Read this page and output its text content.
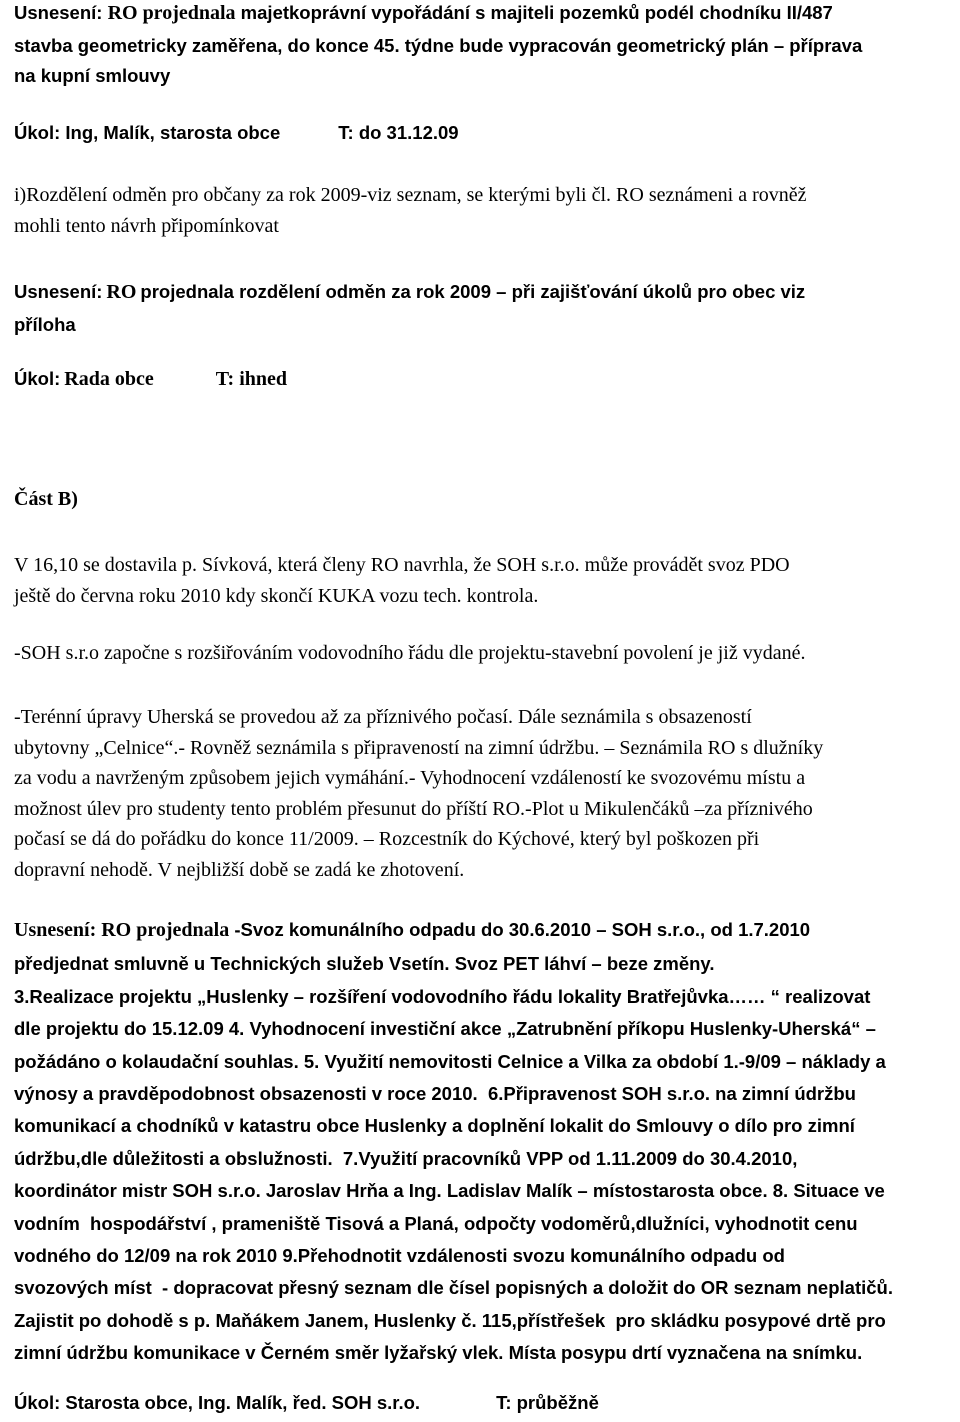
Usnesení: RO projednala majetkoprávní vypořádání s majiteli pozemků podél chodníku II/487

stavba geometricky zaměřena, do konce 45. týdne bude vypracován geometrický plán – příprava

na kupní smlouvy

Úkol: Ing, Malík, starosta obce	T: do 31.12.09

i)Rozdělení odměn pro občany za rok 2009-viz seznam, se kterými byli čl. RO seznámeni a rovněž

mohli tento návrh připomínkovat

Usnesení: RO projednala rozdělení odměn za rok 2009 – při zajišťování úkolů pro obec viz

příloha

Úkol: Rada obce	T: ihned

Část B)

V 16,10 se dostavila p. Sívková, která členy RO navrhla, že SOH s.r.o. může provádět svoz PDO

ještě do června roku 2010 kdy skončí KUKA vozu tech. kontrola.

-SOH s.r.o započne s rozšiřováním vodovodního řádu dle projektu-stavební povolení je již vydané.

-Terénní úpravy Uherská se provedou až za příznivého počasí. Dále seznámila s obsazeností

ubytovny „Celnice“.- Rovněž seznámila s připraveností na zimní údržbu. – Seznámila RO s dlužníky

za vodu a navrženým způsobem jejich vymáhání.- Vyhodnocení vzdáleností ke svozovému místu a

možnost úlev pro studenty tento problém přesunut do příští RO.-Plot u Mikulenčáků –za příznivého

počasí se dá do pořádku do konce 11/2009. – Rozcestník do Kýchové, který byl poškozen při

dopravní nehodě. V nejbližší době se zadá ke zhotovení.

Usnesení: RO projednala -Svoz komunálního odpadu do 30.6.2010 – SOH s.r.o., od 1.7.2010

předjednat smluvně u Technických služeb Vsetín. Svoz PET láhví – beze změny.

3.Realizace projektu „Huslenky – rozšíření vodovodního řádu lokality Bratřejůvka…… “ realizovat

dle projektu do 15.12.09 4. Vyhodnocení investiční akce „Zatrubnění příkopu Huslenky-Uherská“ –

požádáno o kolaudační souhlas. 5. Využití nemovitosti Celnice a Vilka za období 1.-9/09 – náklady a

výnosy a pravděpodobnost obsazenosti v roce 2010.  6.Připravenost SOH s.r.o. na zimní údržbu

komunikací a chodníků v katastru obce Huslenky a doplnění lokalit do Smlouvy o dílo pro zimní

údržbu,dle důležitosti a obslužnosti.  7.Využití pracovníků VPP od 1.11.2009 do 30.4.2010,

koordinátor mistr SOH s.r.o. Jaroslav Hrňa a Ing. Ladislav Malík – místostarosta obce. 8. Situace ve

vodním  hospodářství , prameniště Tisová a Planá, odpočty vodoměrů,dlužníci, vyhodnotit cenu

vodného do 12/09 na rok 2010 9.Přehodnotit vzdálenosti svozu komunálního odpadu od

svozových míst  - dopracovat přesný seznam dle čísel popisných a doložit do OR seznam neplatičů.

Zajistit po dohodě s p. Maňákem Janem, Huslenky č. 115,přístřešek  pro skládku posypové drtě pro

zimní údržbu komunikace v Černém směr lyžařský vlek. Místa posypu drtí vyznačena na snímku.

Úkol: Starosta obce, Ing. Malík, řed. SOH s.r.o.	T: průběžně
